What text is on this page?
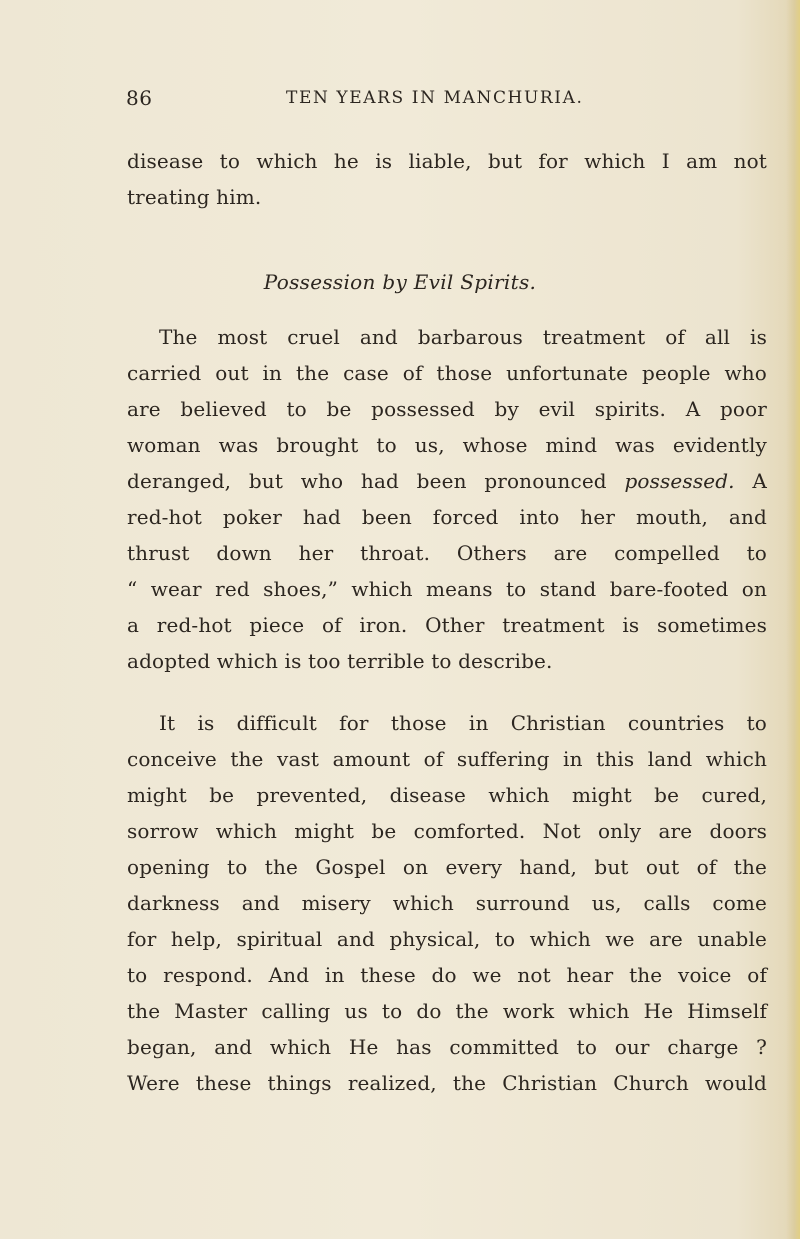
86	TEN YEARS IN MANCHURIA.
disease to which he is liable, but for which I am not
treating him.
Possession by Evil Spirits.
The most cruel and barbarous treatment of all is
carried out in the case of those unfortunate people who
are believed to be possessed by evil spirits. A poor
woman was brought to us, whose mind was evidently
deranged, but who had been pronounced possessed. A
red-hot poker had been forced into her mouth, and
thrust down her throat. Others are compelled to
“ wear red shoes,” which means to stand bare-footed on
a red-hot piece of iron. Other treatment is sometimes
adopted which is too terrible to describe.
It is difficult for those in Christian countries to
conceive the vast amount of suffering in this land which
might be prevented, disease which might be cured,
sorrow which might be comforted. Not only are doors
opening to the Gospel on every hand, but out of the
darkness and misery which surround us, calls come
for help, spiritual and physical, to which we are unable
to respond. And in these do we not hear the voice of
the Master calling us to do the work which He Himself
began, and which He has committed to our charge ?
Were these things realized, the Christian Church would
